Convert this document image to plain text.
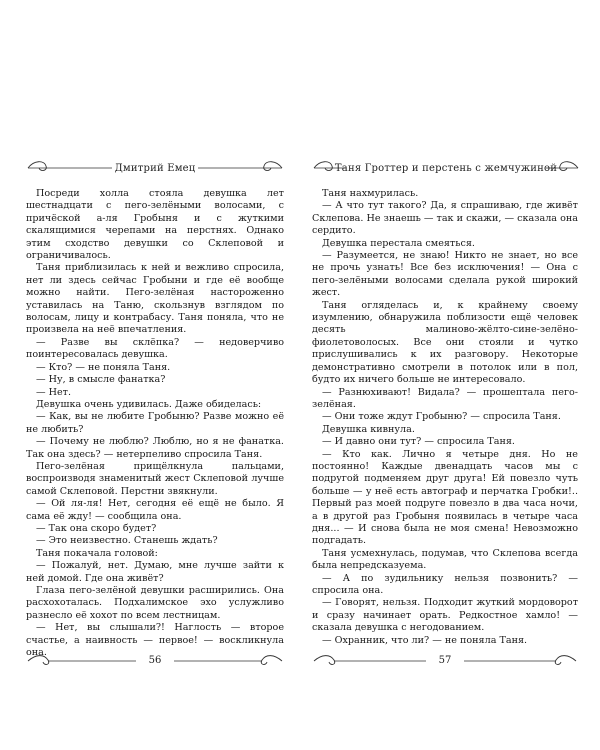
Дмитрий Емец

Посреди холла стояла девушка лет шестнадцати с пего-зелёными волосами, с причёской а-ля Гробыня и с жуткими скалящимися черепами на перстнях. Однако этим сходство девушки со Склеповой и ограничивалось.

Таня приблизилась к ней и вежливо спросила, нет ли здесь сейчас Гробыни и где её вообще можно найти. Пего-зелёная настороженно уставилась на Таню, скользнув взглядом по волосам, лицу и контрабасу. Таня поняла, что не произвела на неё впечатления.

— Разве вы склёпка? — недоверчиво поинтересовалась девушка.

— Кто? — не поняла Таня.

— Ну, в смысле фанатка?

— Нет.

Девушка очень удивилась. Даже обиделась:

— Как, вы не любите Гробыню? Разве можно её не любить?

— Почему не люблю? Люблю, но я не фанатка. Так она здесь? — нетерпеливо спросила Таня.

Пего-зелёная прищёлкнула пальцами, воспроизводя знаменитый жест Склеповой лучше самой Склеповой. Перстни звякнули.

— Ой ля-ля! Нет, сегодня её ещё не было. Я сама её жду! — сообщила она.

— Так она скоро будет?

— Это неизвестно. Станешь ждать?

Таня покачала головой:

— Пожалуй, нет. Думаю, мне лучше зайти к ней домой. Где она живёт?

Глаза пего-зелёной девушки расширились. Она расхохоталась. Подхалимское эхо услужливо разнесло её хохот по всем лестницам.

— Нет, вы слышали?! Наглость — второе счастье, а наивность — первое! — воскликнула она.

56
Таня Гроттер и перстень с жемчужиной

Таня нахмурилась.

— А что тут такого? Да, я спрашиваю, где живёт Склепова. Не знаешь — так и скажи, — сказала она сердито.

Девушка перестала смеяться.

— Разумеется, не знаю! Никто не знает, но все не прочь узнать! Все без исключения! — Она с пего-зелёными волосами сделала рукой широкий жест.

Таня огляделась и, к крайнему своему изумлению, обнаружила поблизости ещё человек десять малиново-жёлто-сине-зелёно-фиолетоволосых. Все они стояли и чутко прислушивались к их разговору. Некоторые демонстративно смотрели в потолок или в пол, будто их ничего больше не интересовало.

— Разнюхивают! Видала? — прошептала пего-зелёная.

— Они тоже ждут Гробыню? — спросила Таня.

Девушка кивнула.

— И давно они тут? — спросила Таня.

— Кто как. Лично я четыре дня. Но не постоянно! Каждые двенадцать часов мы с подругой подменяем друг друга! Ей повезло чуть больше — у неё есть автограф и перчатка Гробки!.. Первый раз моей подруге повезло в два часа ночи, а в другой раз Гробыня появилась в четыре часа дня... — И снова была не моя смена! Невозможно подгадать.

Таня усмехнулась, подумав, что Склепова всегда была непредсказуема.

— А по зудильнику нельзя позвонить? — спросила она.

— Говорят, нельзя. Подходит жуткий мордоворот и сразу начинает орать. Редкостное хамло! — сказала девушка с негодованием.

— Охранник, что ли? — не поняла Таня.

57
